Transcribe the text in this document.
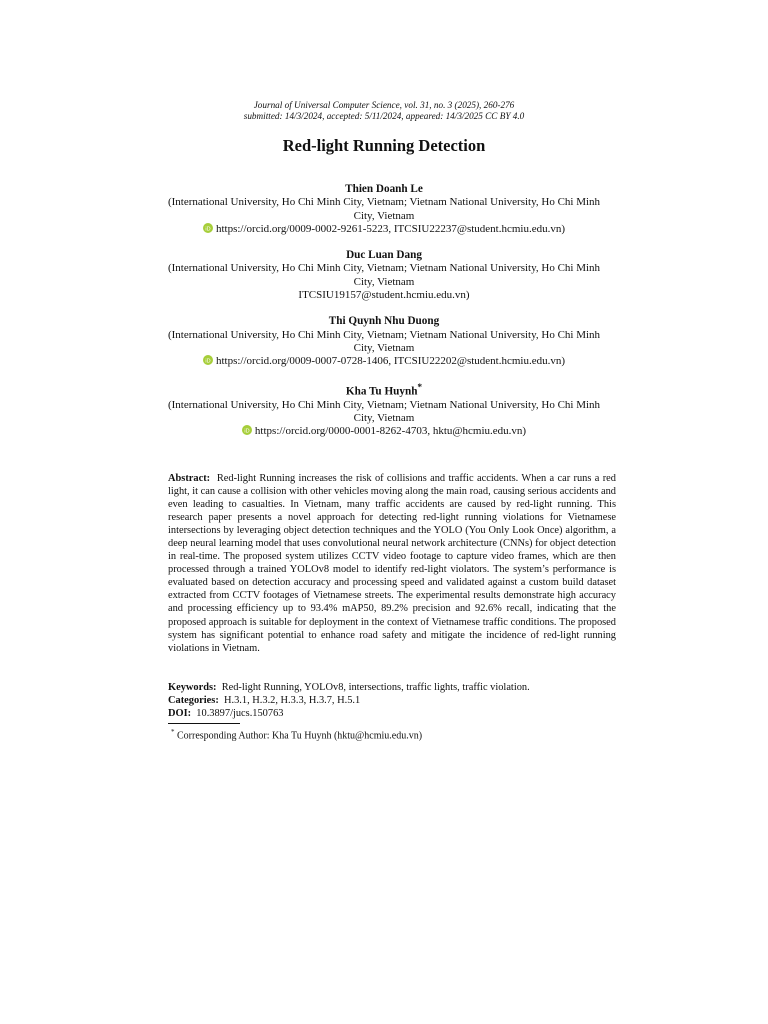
Journal of Universal Computer Science, vol. 31, no. 3 (2025), 260-276
submitted: 14/3/2024, accepted: 5/11/2024, appeared: 14/3/2025 CC BY 4.0
Red-light Running Detection
Thien Doanh Le
(International University, Ho Chi Minh City, Vietnam; Vietnam National University, Ho Chi Minh City, Vietnam
iD https://orcid.org/0009-0002-9261-5223, ITCSIU22237@student.hcmiu.edu.vn)
Duc Luan Dang
(International University, Ho Chi Minh City, Vietnam; Vietnam National University, Ho Chi Minh City, Vietnam
ITCSIU19157@student.hcmiu.edu.vn)
Thi Quynh Nhu Duong
(International University, Ho Chi Minh City, Vietnam; Vietnam National University, Ho Chi Minh City, Vietnam
iD https://orcid.org/0009-0007-0728-1406, ITCSIU22202@student.hcmiu.edu.vn)
Kha Tu Huynh*
(International University, Ho Chi Minh City, Vietnam; Vietnam National University, Ho Chi Minh City, Vietnam
iD https://orcid.org/0000-0001-8262-4703, hktu@hcmiu.edu.vn)

Abstract: Red-light Running increases the risk of collisions and traffic accidents. When a car runs a red light, it can cause a collision with other vehicles moving along the main road, causing serious accidents and even leading to casualties. In Vietnam, many traffic accidents are caused by red-light running. This research paper presents a novel approach for detecting red-light running violations for Vietnamese intersections by leveraging object detection techniques and the YOLO (You Only Look Once) algorithm, a deep neural learning model that uses convolutional neural network architecture (CNNs) for object detection in real-time. The proposed system utilizes CCTV video footage to capture video frames, which are then processed through a trained YOLOv8 model to identify red-light violators. The system’s performance is evaluated based on detection accuracy and processing speed and validated against a custom build dataset extracted from CCTV footages of Vietnamese streets. The experimental results demonstrate high accuracy and processing efficiency up to 93.4% mAP50, 89.2% precision and 92.6% recall, indicating that the proposed approach is suitable for deployment in the context of Vietnamese traffic conditions. The proposed system has significant potential to enhance road safety and mitigate the incidence of red-light running violations in Vietnam.

Keywords: Red-light Running, YOLOv8, intersections, traffic lights, traffic violation.
Categories: H.3.1, H.3.2, H.3.3, H.3.7, H.5.1
DOI: 10.3897/jucs.150763
* Corresponding Author: Kha Tu Huynh (hktu@hcmiu.edu.vn)
